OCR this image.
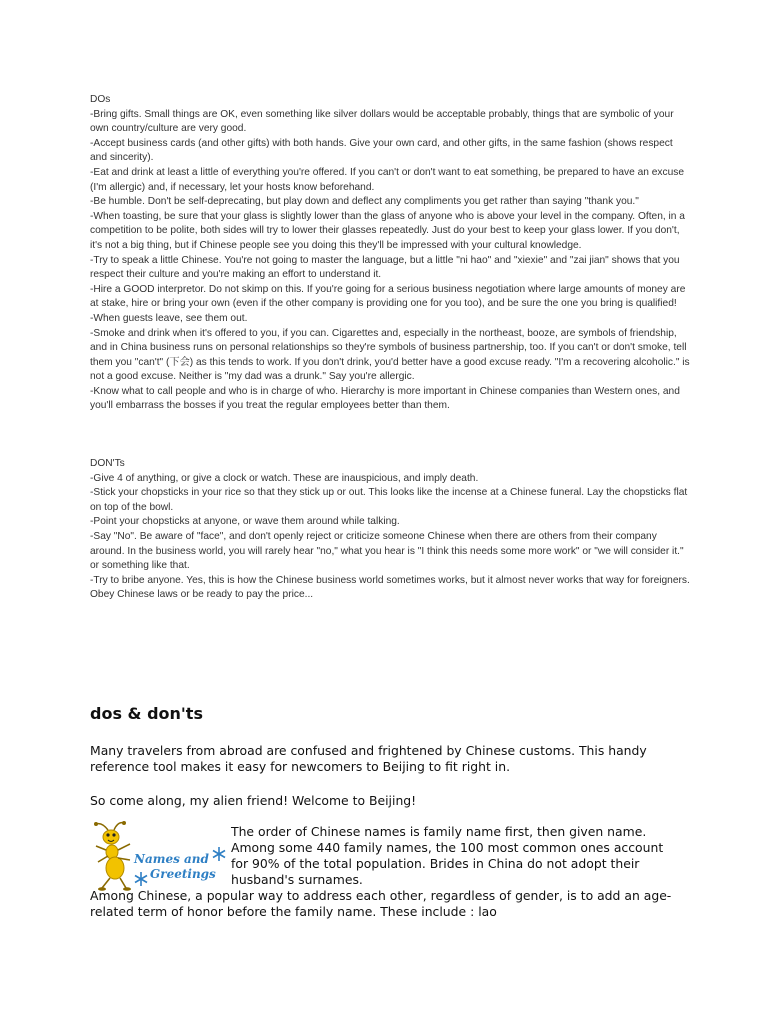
DOs

-Bring gifts. Small things are OK, even something like silver dollars would be acceptable probably, things that are symbolic of your own country/culture are very good.

-Accept business cards (and other gifts) with both hands. Give your own card, and other gifts, in the same fashion (shows respect and sincerity).

-Eat and drink at least a little of everything you're offered. If you can't or don't want to eat something, be prepared to have an excuse (I'm allergic) and, if necessary, let your hosts know beforehand.

-Be humble. Don't be self-deprecating, but play down and deflect any compliments you get rather than saying "thank you."

-When toasting, be sure that your glass is slightly lower than the glass of anyone who is above your level in the company. Often, in a competition to be polite, both sides will try to lower their glasses repeatedly. Just do your best to keep your glass lower. If you don't, it's not a big thing, but if Chinese people see you doing this they'll be impressed with your cultural knowledge.

-Try to speak a little Chinese. You're not going to master the language, but a little "ni hao" and "xiexie" and "zai jian" shows that you respect their culture and you're making an effort to understand it.

-Hire a GOOD interpretor. Do not skimp on this. If you're going for a serious business negotiation where large amounts of money are at stake, hire or bring your own (even if the other company is providing one for you too), and be sure the one you bring is qualified!

-When guests leave, see them out.

-Smoke and drink when it's offered to you, if you can. Cigarettes and, especially in the northeast, booze, are symbols of friendship, and in China business runs on personal relationships so they're symbols of business partnership, too. If you can't or don't smoke, tell them you "can't" (下会) as this tends to work. If you don't drink, you'd better have a good excuse ready. "I'm a recovering alcoholic." is not a good excuse. Neither is "my dad was a drunk." Say you're allergic.

-Know what to call people and who is in charge of who. Hierarchy is more important in Chinese companies than Western ones, and you'll embarrass the bosses if you treat the regular employees better than them.

DON'Ts

-Give 4 of anything, or give a clock or watch. These are inauspicious, and imply death.

-Stick your chopsticks in your rice so that they stick up or out. This looks like the incense at a Chinese funeral. Lay the chopsticks flat on top of the bowl.

-Point your chopsticks at anyone, or wave them around while talking.

-Say "No". Be aware of "face", and don't openly reject or criticize someone Chinese when there are others from their company around. In the business world, you will rarely hear "no," what you hear is "I think this needs some more work" or "we will consider it." or something like that.

-Try to bribe anyone. Yes, this is how the Chinese business world sometimes works, but it almost never works that way for foreigners. Obey Chinese laws or be ready to pay the price...

dos & don'ts

Many travelers from abroad are confused and frightened by Chinese customs. This handy reference tool makes it easy for newcomers to Beijing to fit right in.

So come along, my alien friend! Welcome to Beijing!

Names and
Greetings

The order of Chinese names is family name first, then given name. Among some 440 family names, the 100 most common ones account for 90% of the total population. Brides in China do not adopt their husband's surnames.

Among Chinese, a popular way to address each other, regardless of gender, is to add an age-related term of honor before the family name. These include : lao
